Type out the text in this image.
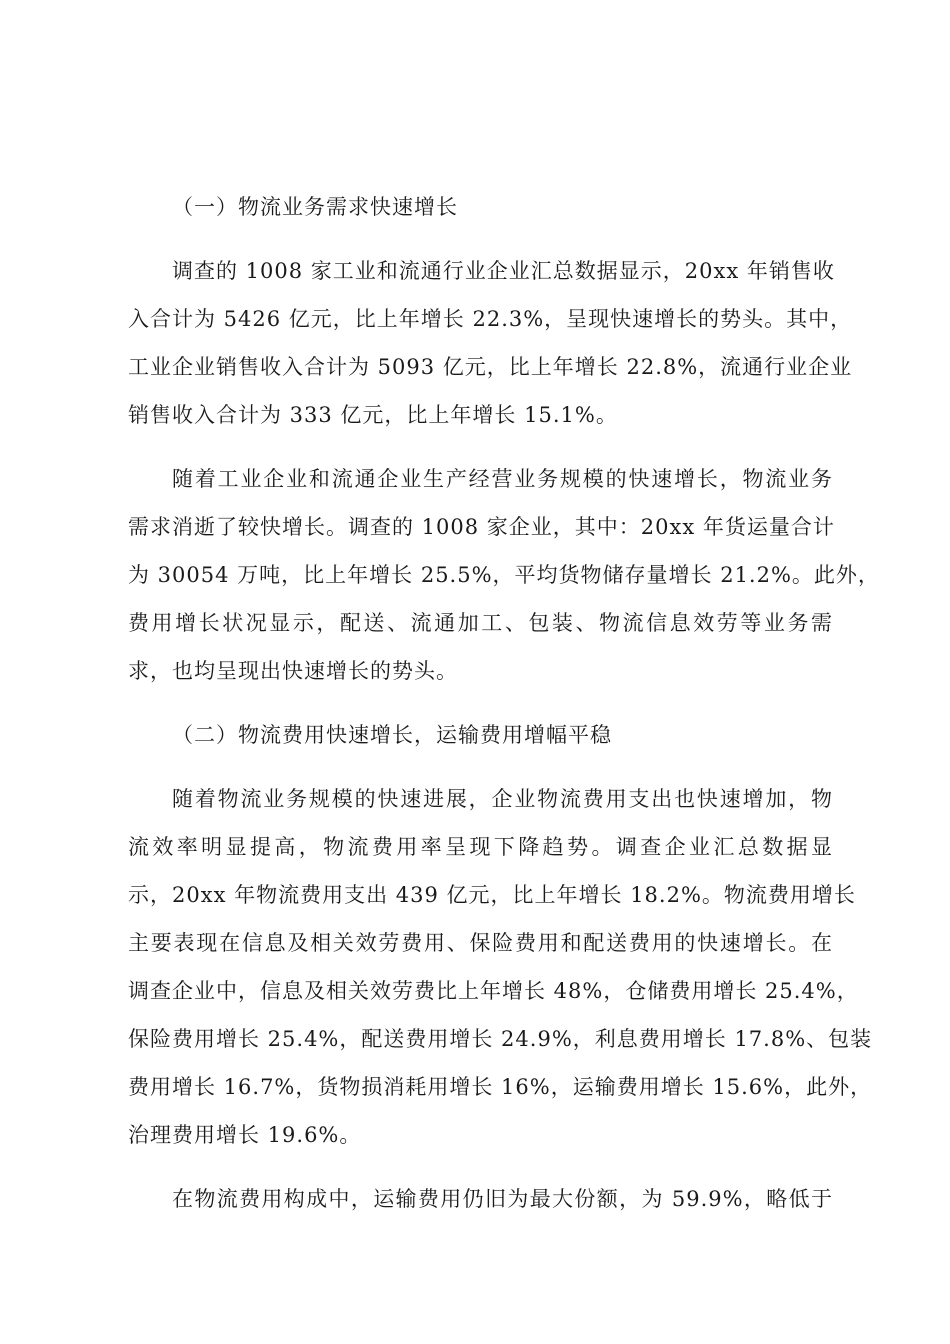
（一）物流业务需求快速增长
调查的 1008 家工业和流通行业企业汇总数据显示，20xx 年销售收
入合计为 5426 亿元，比上年增长 22.3%，呈现快速增长的势头。其中，
工业企业销售收入合计为 5093 亿元，比上年增长 22.8%，流通行业企业
销售收入合计为 333 亿元，比上年增长 15.1%。
随着工业企业和流通企业生产经营业务规模的快速增长，物流业务
需求消逝了较快增长。调查的 1008 家企业，其中：20xx 年货运量合计
为 30054 万吨，比上年增长 25.5%，平均货物储存量增长 21.2%。此外，
费用增长状况显示，配送、流通加工、包装、物流信息效劳等业务需
求，也均呈现出快速增长的势头。
（二）物流费用快速增长，运输费用增幅平稳
随着物流业务规模的快速进展，企业物流费用支出也快速增加，物
流效率明显提高，物流费用率呈现下降趋势。调查企业汇总数据显
示，20xx 年物流费用支出 439 亿元，比上年增长 18.2%。物流费用增长
主要表现在信息及相关效劳费用、保险费用和配送费用的快速增长。在
调查企业中，信息及相关效劳费比上年增长 48%，仓储费用增长 25.4%，
保险费用增长 25.4%，配送费用增长 24.9%，利息费用增长 17.8%、包装
费用增长 16.7%，货物损消耗用增长 16%，运输费用增长 15.6%，此外，
治理费用增长 19.6%。
在物流费用构成中，运输费用仍旧为最大份额，为 59.9%，略低于
